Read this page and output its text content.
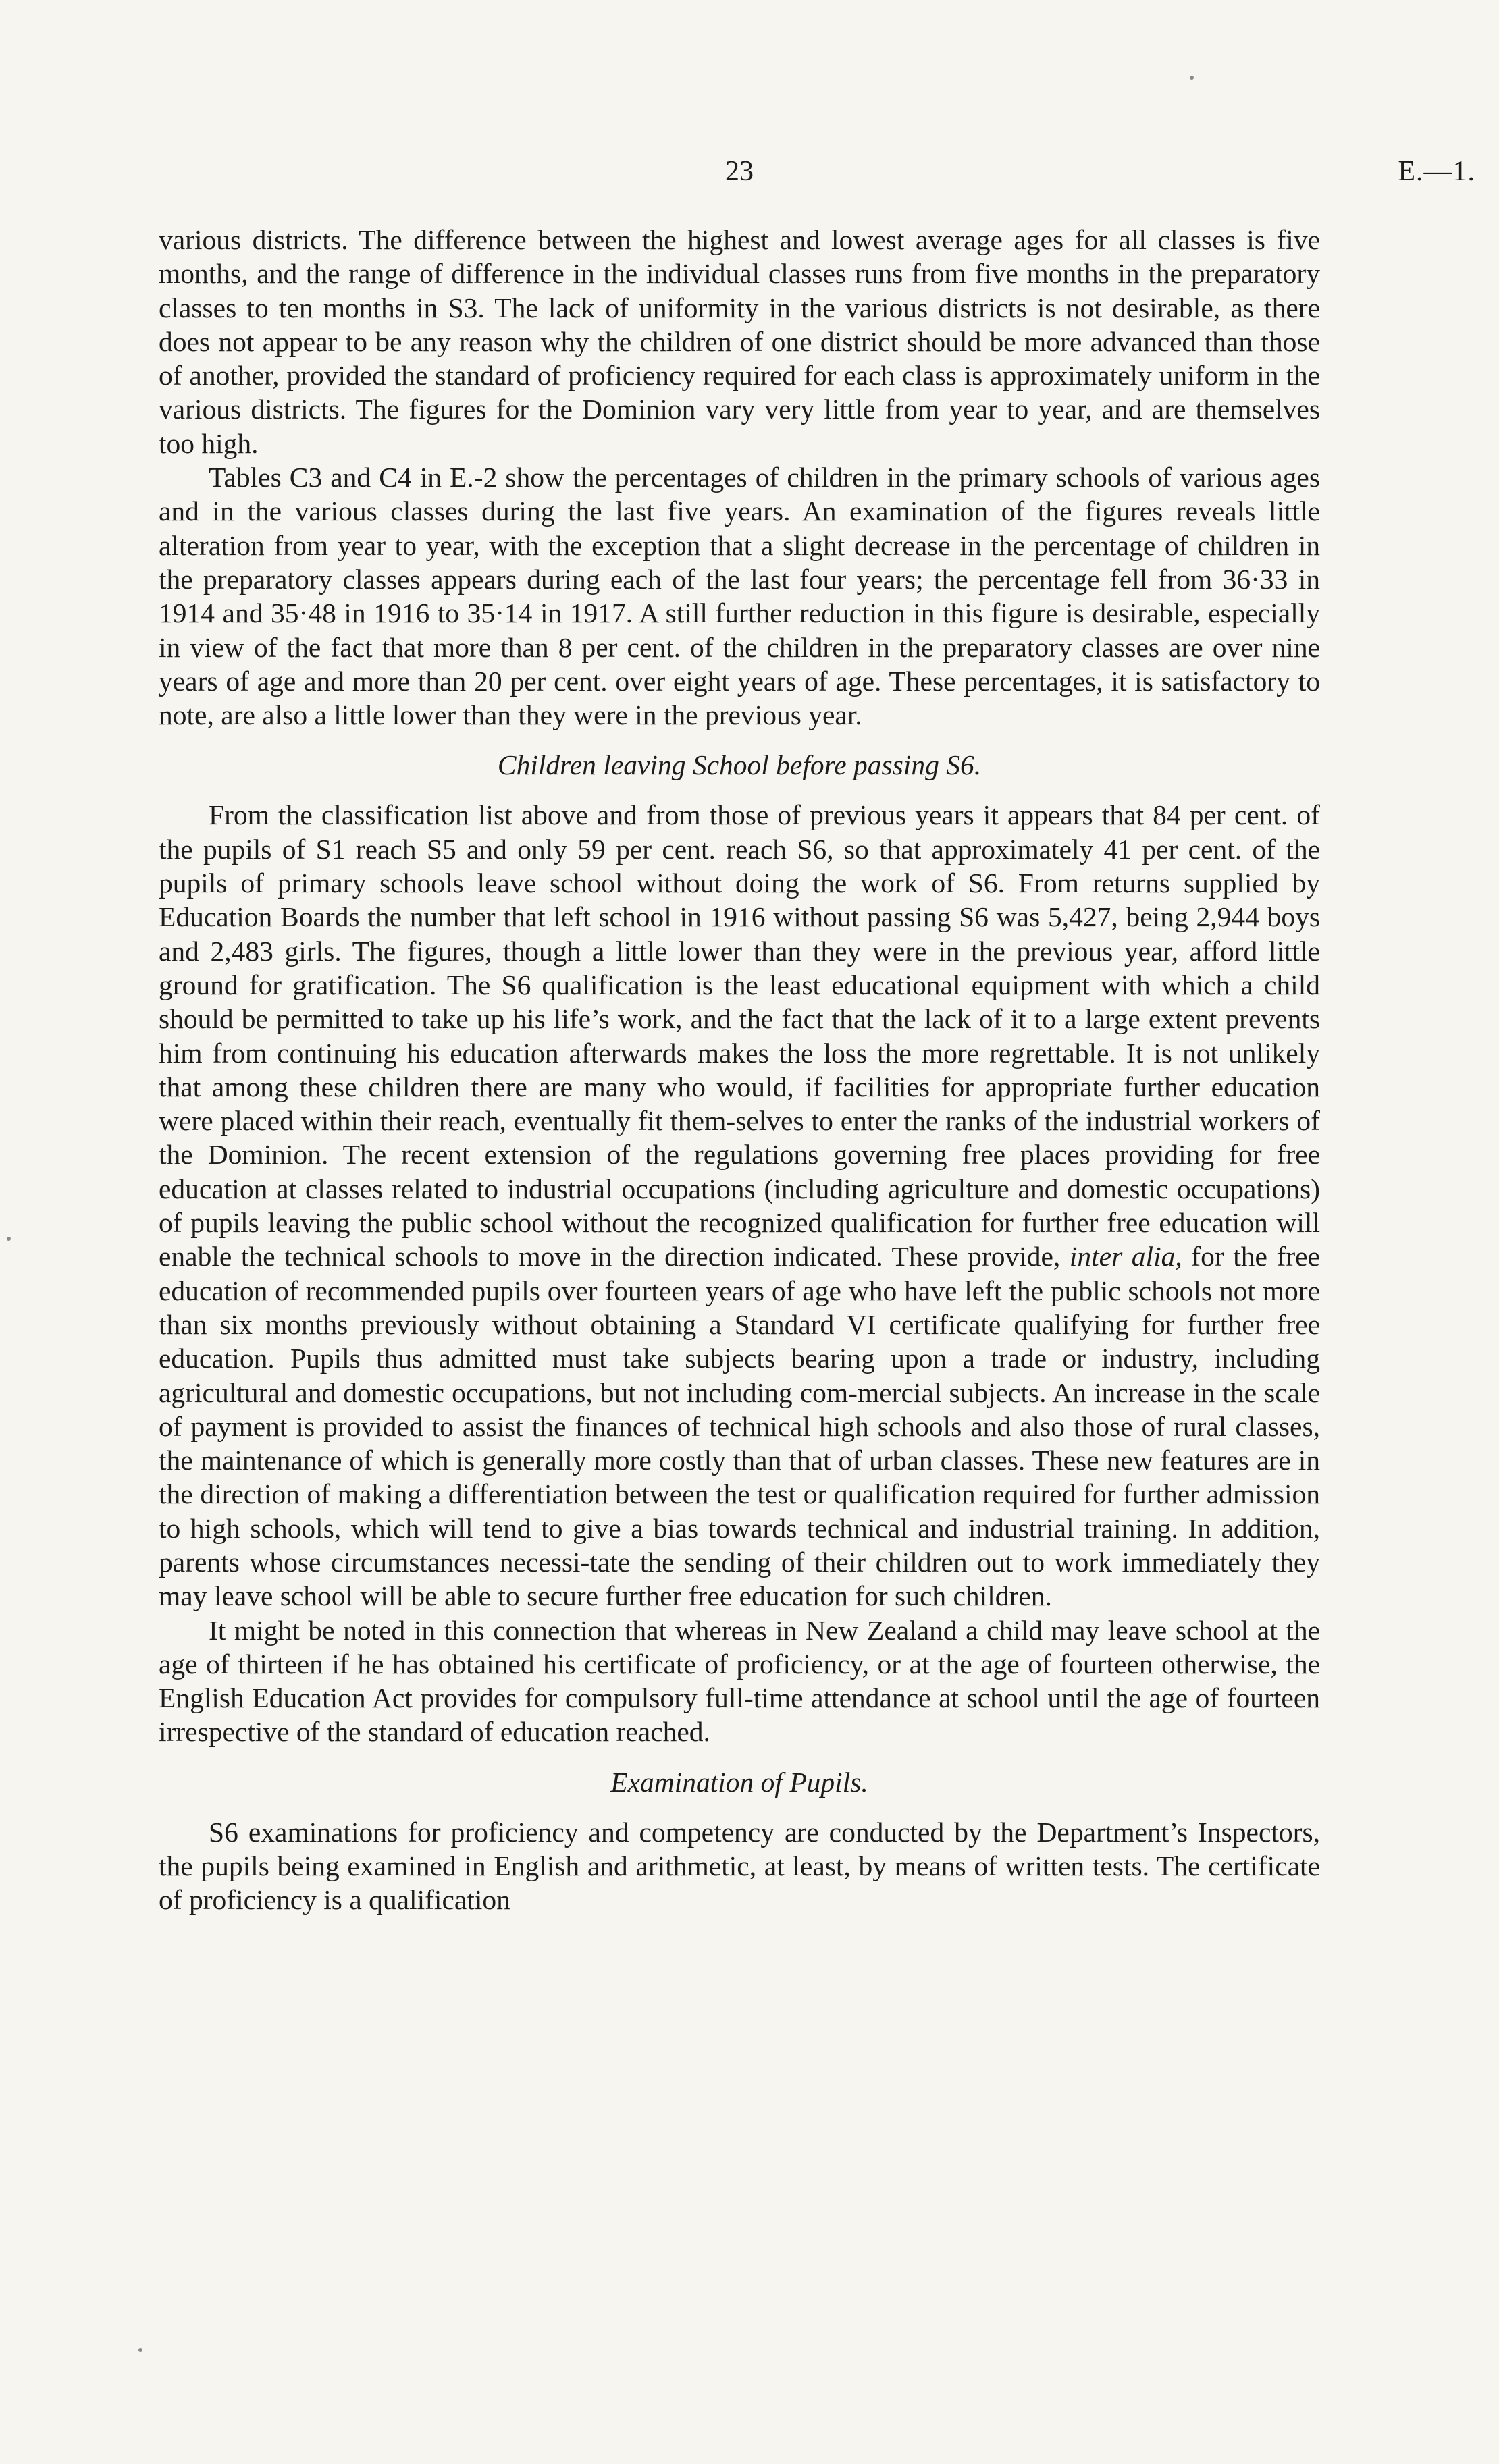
23	E.—1.

various districts. The difference between the highest and lowest average ages for all classes is five months, and the range of difference in the individual classes runs from five months in the preparatory classes to ten months in S3. The lack of uniformity in the various districts is not desirable, as there does not appear to be any reason why the children of one district should be more advanced than those of another, provided the standard of proficiency required for each class is approximately uniform in the various districts. The figures for the Dominion vary very little from year to year, and are themselves too high.

Tables C3 and C4 in E.-2 show the percentages of children in the primary schools of various ages and in the various classes during the last five years. An examination of the figures reveals little alteration from year to year, with the exception that a slight decrease in the percentage of children in the preparatory classes appears during each of the last four years; the percentage fell from 36·33 in 1914 and 35·48 in 1916 to 35·14 in 1917. A still further reduction in this figure is desirable, especially in view of the fact that more than 8 per cent. of the children in the preparatory classes are over nine years of age and more than 20 per cent. over eight years of age. These percentages, it is satisfactory to note, are also a little lower than they were in the previous year.

Children leaving School before passing S6.

From the classification list above and from those of previous years it appears that 84 per cent. of the pupils of S1 reach S5 and only 59 per cent. reach S6, so that approximately 41 per cent. of the pupils of primary schools leave school without doing the work of S6. From returns supplied by Education Boards the number that left school in 1916 without passing S6 was 5,427, being 2,944 boys and 2,483 girls. The figures, though a little lower than they were in the previous year, afford little ground for gratification. The S6 qualification is the least educational equipment with which a child should be permitted to take up his life’s work, and the fact that the lack of it to a large extent prevents him from continuing his education afterwards makes the loss the more regrettable. It is not unlikely that among these children there are many who would, if facilities for appropriate further education were placed within their reach, eventually fit them-selves to enter the ranks of the industrial workers of the Dominion. The recent extension of the regulations governing free places providing for free education at classes related to industrial occupations (including agriculture and domestic occupations) of pupils leaving the public school without the recognized qualification for further free education will enable the technical schools to move in the direction indicated. These provide, inter alia, for the free education of recommended pupils over fourteen years of age who have left the public schools not more than six months previously without obtaining a Standard VI certificate qualifying for further free education. Pupils thus admitted must take subjects bearing upon a trade or industry, including agricultural and domestic occupations, but not including com-mercial subjects. An increase in the scale of payment is provided to assist the finances of technical high schools and also those of rural classes, the maintenance of which is generally more costly than that of urban classes. These new features are in the direction of making a differentiation between the test or qualification required for further admission to high schools, which will tend to give a bias towards technical and industrial training. In addition, parents whose circumstances necessi-tate the sending of their children out to work immediately they may leave school will be able to secure further free education for such children.

It might be noted in this connection that whereas in New Zealand a child may leave school at the age of thirteen if he has obtained his certificate of proficiency, or at the age of fourteen otherwise, the English Education Act provides for compulsory full-time attendance at school until the age of fourteen irrespective of the standard of education reached.

Examination of Pupils.

S6 examinations for proficiency and competency are conducted by the Department’s Inspectors, the pupils being examined in English and arithmetic, at least, by means of written tests. The certificate of proficiency is a qualification
